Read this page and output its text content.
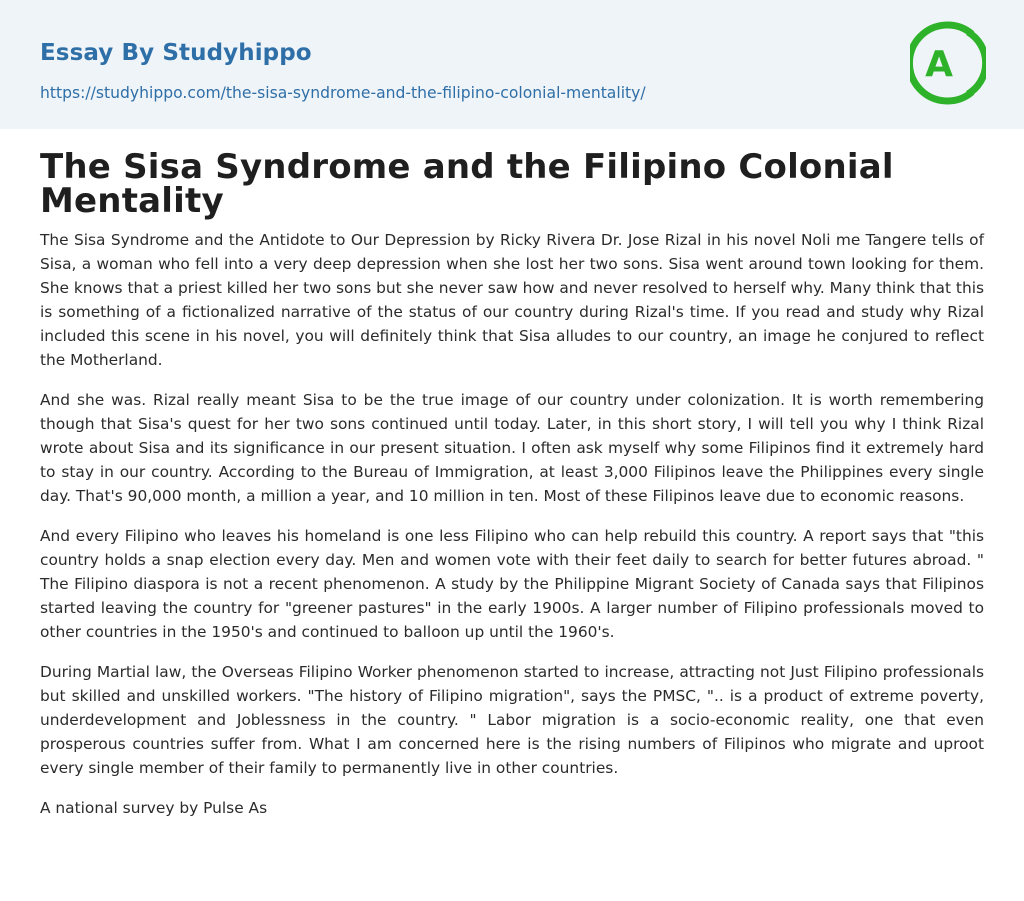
Essay By Studyhippo
https://studyhippo.com/the-sisa-syndrome-and-the-filipino-colonial-mentality/
A
The Sisa Syndrome and the Filipino Colonial Mentality

The Sisa Syndrome and the Antidote to Our Depression by Ricky Rivera Dr. Jose Rizal in his novel Noli me Tangere tells of Sisa, a woman who fell into a very deep depression when she lost her two sons. Sisa went around town looking for them. She knows that a priest killed her two sons but she never saw how and never resolved to herself why. Many think that this is something of a fictionalized narrative of the status of our country during Rizal's time. If you read and study why Rizal included this scene in his novel, you will definitely think that Sisa alludes to our country, an image he conjured to reflect the Motherland.

And she was. Rizal really meant Sisa to be the true image of our country under colonization. It is worth remembering though that Sisa's quest for her two sons continued until today. Later, in this short story, I will tell you why I think Rizal wrote about Sisa and its significance in our present situation. I often ask myself why some Filipinos find it extremely hard to stay in our country. According to the Bureau of Immigration, at least 3,000 Filipinos leave the Philippines every single day. That's 90,000 month, a million a year, and 10 million in ten. Most of these Filipinos leave due to economic reasons.

And every Filipino who leaves his homeland is one less Filipino who can help rebuild this country. A report says that "this country holds a snap election every day. Men and women vote with their feet daily to search for better futures abroad. " The Filipino diaspora is not a recent phenomenon. A study by the Philippine Migrant Society of Canada says that Filipinos started leaving the country for "greener pastures" in the early 1900s. A larger number of Filipino professionals moved to other countries in the 1950's and continued to balloon up until the 1960's.

During Martial law, the Overseas Filipino Worker phenomenon started to increase, attracting not Just Filipino professionals but skilled and unskilled workers. "The history of Filipino migration", says the PMSC, ".. is a product of extreme poverty, underdevelopment and Joblessness in the country. " Labor migration is a socio-economic reality, one that even prosperous countries suffer from. What I am concerned here is the rising numbers of Filipinos who migrate and uproot every single member of their family to permanently live in other countries.

A national survey by Pulse As
